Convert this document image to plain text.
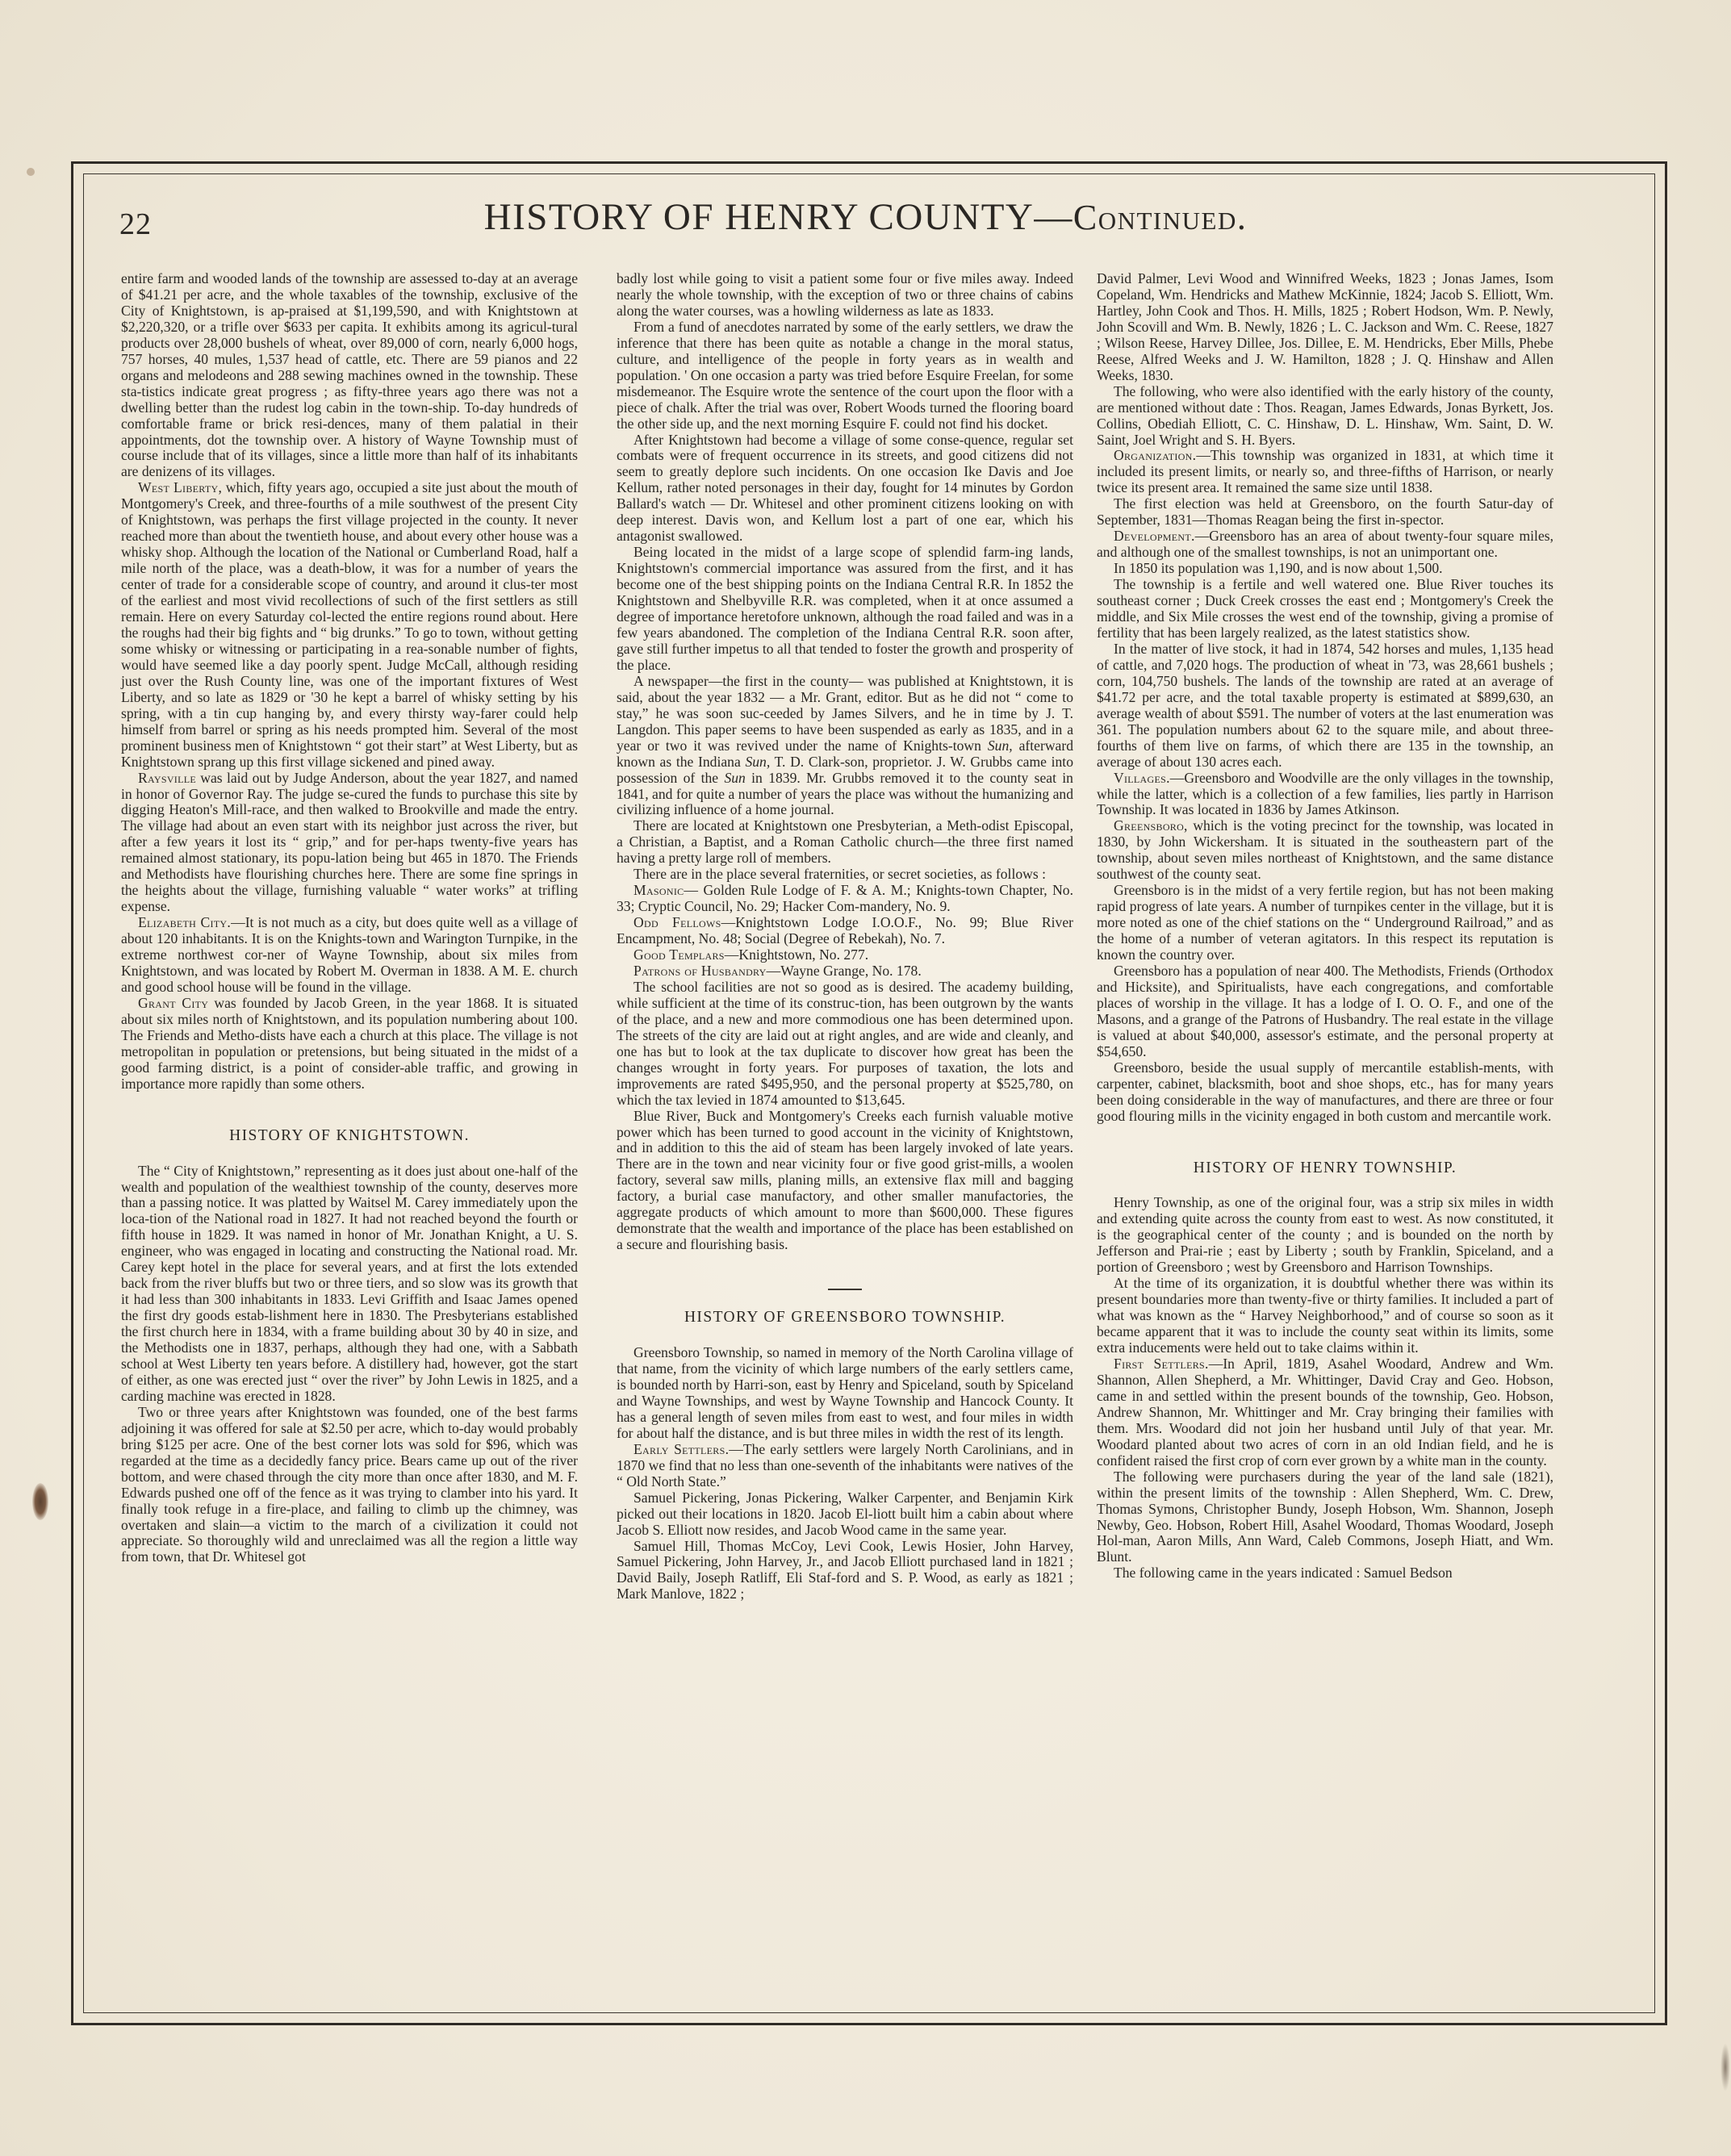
22	HISTORY OF HENRY COUNTY—Continued.

entire farm and wooded lands of the township are assessed to-day at an average of $41.21 per acre, and the whole taxables of the township, exclusive of the City of Knightstown, is ap-praised at $1,199,590, and with Knightstown at $2,220,320, or a trifle over $633 per capita. It exhibits among its agricul-tural products over 28,000 bushels of wheat, over 89,000 of corn, nearly 6,000 hogs, 757 horses, 40 mules, 1,537 head of cattle, etc. There are 59 pianos and 22 organs and melodeons and 288 sewing machines owned in the township. These sta-tistics indicate great progress ; as fifty-three years ago there was not a dwelling better than the rudest log cabin in the town-ship. To-day hundreds of comfortable frame or brick resi-dences, many of them palatial in their appointments, dot the township over. A history of Wayne Township must of course include that of its villages, since a little more than half of its inhabitants are denizens of its villages.

West Liberty, which, fifty years ago, occupied a site just about the mouth of Montgomery's Creek, and three-fourths of a mile southwest of the present City of Knightstown, was perhaps the first village projected in the county. It never reached more than about the twentieth house, and about every other house was a whisky shop. Although the location of the National or Cumberland Road, half a mile north of the place, was a death-blow, it was for a number of years the center of trade for a considerable scope of country, and around it clus-ter most of the earliest and most vivid recollections of such of the first settlers as still remain. Here on every Saturday col-lected the entire regions round about. Here the roughs had their big fights and “ big drunks.” To go to town, without getting some whisky or witnessing or participating in a rea-sonable number of fights, would have seemed like a day poorly spent. Judge McCall, although residing just over the Rush County line, was one of the important fixtures of West Liberty, and so late as 1829 or '30 he kept a barrel of whisky setting by his spring, with a tin cup hanging by, and every thirsty way-farer could help himself from barrel or spring as his needs prompted him. Several of the most prominent business men of Knightstown “ got their start” at West Liberty, but as Knightstown sprang up this first village sickened and pined away.

Raysville was laid out by Judge Anderson, about the year 1827, and named in honor of Governor Ray. The judge se-cured the funds to purchase this site by digging Heaton's Mill-race, and then walked to Brookville and made the entry. The village had about an even start with its neighbor just across the river, but after a few years it lost its “ grip,” and for per-haps twenty-five years has remained almost stationary, its popu-lation being but 465 in 1870. The Friends and Methodists have flourishing churches here. There are some fine springs in the heights about the village, furnishing valuable “ water works” at trifling expense.

Elizabeth City.—It is not much as a city, but does quite well as a village of about 120 inhabitants. It is on the Knights-town and Warington Turnpike, in the extreme northwest cor-ner of Wayne Township, about six miles from Knightstown, and was located by Robert M. Overman in 1838. A M. E. church and good school house will be found in the village.

Grant City was founded by Jacob Green, in the year 1868. It is situated about six miles north of Knightstown, and its population numbering about 100. The Friends and Metho-dists have each a church at this place. The village is not metropolitan in population or pretensions, but being situated in the midst of a good farming district, is a point of consider-able traffic, and growing in importance more rapidly than some others.

HISTORY OF KNIGHTSTOWN.

The “ City of Knightstown,” representing as it does just about one-half of the wealth and population of the wealthiest township of the county, deserves more than a passing notice. It was platted by Waitsel M. Carey immediately upon the loca-tion of the National road in 1827. It had not reached beyond the fourth or fifth house in 1829. It was named in honor of Mr. Jonathan Knight, a U. S. engineer, who was engaged in locating and constructing the National road. Mr. Carey kept hotel in the place for several years, and at first the lots extended back from the river bluffs but two or three tiers, and so slow was its growth that it had less than 300 inhabitants in 1833. Levi Griffith and Isaac James opened the first dry goods estab-lishment here in 1830. The Presbyterians established the first church here in 1834, with a frame building about 30 by 40 in size, and the Methodists one in 1837, perhaps, although they had one, with a Sabbath school at West Liberty ten years before. A distillery had, however, got the start of either, as one was erected just “ over the river” by John Lewis in 1825, and a carding machine was erected in 1828.

Two or three years after Knightstown was founded, one of the best farms adjoining it was offered for sale at $2.50 per acre, which to-day would probably bring $125 per acre. One of the best corner lots was sold for $96, which was regarded at the time as a decidedly fancy price. Bears came up out of the river bottom, and were chased through the city more than once after 1830, and M. F. Edwards pushed one off of the fence as it was trying to clamber into his yard. It finally took refuge in a fire-place, and failing to climb up the chimney, was overtaken and slain—a victim to the march of a civilization it could not appreciate. So thoroughly wild and unreclaimed was all the region a little way from town, that Dr. Whitesel got

badly lost while going to visit a patient some four or five miles away. Indeed nearly the whole township, with the exception of two or three chains of cabins along the water courses, was a howling wilderness as late as 1833.

From a fund of anecdotes narrated by some of the early settlers, we draw the inference that there has been quite as notable a change in the moral status, culture, and intelligence of the people in forty years as in wealth and population. ' On one occasion a party was tried before Esquire Freelan, for some misdemeanor. The Esquire wrote the sentence of the court upon the floor with a piece of chalk. After the trial was over, Robert Woods turned the flooring board the other side up, and the next morning Esquire F. could not find his docket.

After Knightstown had become a village of some conse-quence, regular set combats were of frequent occurrence in its streets, and good citizens did not seem to greatly deplore such incidents. On one occasion Ike Davis and Joe Kellum, rather noted personages in their day, fought for 14 minutes by Gordon Ballard's watch — Dr. Whitesel and other prominent citizens looking on with deep interest. Davis won, and Kellum lost a part of one ear, which his antagonist swallowed.

Being located in the midst of a large scope of splendid farm-ing lands, Knightstown's commercial importance was assured from the first, and it has become one of the best shipping points on the Indiana Central R.R. In 1852 the Knightstown and Shelbyville R.R. was completed, when it at once assumed a degree of importance heretofore unknown, although the road failed and was in a few years abandoned. The completion of the Indiana Central R.R. soon after, gave still further impetus to all that tended to foster the growth and prosperity of the place.

A newspaper—the first in the county— was published at Knightstown, it is said, about the year 1832 — a Mr. Grant, editor. But as he did not “ come to stay,” he was soon suc-ceeded by James Silvers, and he in time by J. T. Langdon. This paper seems to have been suspended as early as 1835, and in a year or two it was revived under the name of Knights-town Sun, afterward known as the Indiana Sun, T. D. Clark-son, proprietor. J. W. Grubbs came into possession of the Sun in 1839. Mr. Grubbs removed it to the county seat in 1841, and for quite a number of years the place was without the humanizing and civilizing influence of a home journal.

There are located at Knightstown one Presbyterian, a Meth-odist Episcopal, a Christian, a Baptist, and a Roman Catholic church—the three first named having a pretty large roll of members.

There are in the place several fraternities, or secret societies, as follows :

Masonic— Golden Rule Lodge of F. & A. M.; Knights-town Chapter, No. 33; Cryptic Council, No. 29; Hacker Com-mandery, No. 9.

Odd Fellows—Knightstown Lodge I.O.O.F., No. 99; Blue River Encampment, No. 48; Social (Degree of Rebekah), No. 7.

Good Templars—Knightstown, No. 277.

Patrons of Husbandry—Wayne Grange, No. 178.

The school facilities are not so good as is desired. The academy building, while sufficient at the time of its construc-tion, has been outgrown by the wants of the place, and a new and more commodious one has been determined upon. The streets of the city are laid out at right angles, and are wide and cleanly, and one has but to look at the tax duplicate to discover how great has been the changes wrought in forty years. For purposes of taxation, the lots and improvements are rated $495,950, and the personal property at $525,780, on which the tax levied in 1874 amounted to $13,645.

Blue River, Buck and Montgomery's Creeks each furnish valuable motive power which has been turned to good account in the vicinity of Knightstown, and in addition to this the aid of steam has been largely invoked of late years. There are in the town and near vicinity four or five good grist-mills, a woolen factory, several saw mills, planing mills, an extensive flax mill and bagging factory, a burial case manufactory, and other smaller manufactories, the aggregate products of which amount to more than $600,000. These figures demonstrate that the wealth and importance of the place has been established on a secure and flourishing basis.

HISTORY OF GREENSBORO TOWNSHIP.

Greensboro Township, so named in memory of the North Carolina village of that name, from the vicinity of which large numbers of the early settlers came, is bounded north by Harri-son, east by Henry and Spiceland, south by Spiceland and Wayne Townships, and west by Wayne Township and Hancock County. It has a general length of seven miles from east to west, and four miles in width for about half the distance, and is but three miles in width the rest of its length.

Early Settlers.—The early settlers were largely North Carolinians, and in 1870 we find that no less than one-seventh of the inhabitants were natives of the “ Old North State.”

Samuel Pickering, Jonas Pickering, Walker Carpenter, and Benjamin Kirk picked out their locations in 1820. Jacob El-liott built him a cabin about where Jacob S. Elliott now resides, and Jacob Wood came in the same year.

Samuel Hill, Thomas McCoy, Levi Cook, Lewis Hosier, John Harvey, Samuel Pickering, John Harvey, Jr., and Jacob Elliott purchased land in 1821 ; David Baily, Joseph Ratliff, Eli Staf-ford and S. P. Wood, as early as 1821 ; Mark Manlove, 1822 ;

David Palmer, Levi Wood and Winnifred Weeks, 1823 ; Jonas James, Isom Copeland, Wm. Hendricks and Mathew McKinnie, 1824; Jacob S. Elliott, Wm. Hartley, John Cook and Thos. H. Mills, 1825 ; Robert Hodson, Wm. P. Newly, John Scovill and Wm. B. Newly, 1826 ; L. C. Jackson and Wm. C. Reese, 1827 ; Wilson Reese, Harvey Dillee, Jos. Dillee, E. M. Hendricks, Eber Mills, Phebe Reese, Alfred Weeks and J. W. Hamilton, 1828 ; J. Q. Hinshaw and Allen Weeks, 1830.

The following, who were also identified with the early history of the county, are mentioned without date : Thos. Reagan, James Edwards, Jonas Byrkett, Jos. Collins, Obediah Elliott, C. C. Hinshaw, D. L. Hinshaw, Wm. Saint, D. W. Saint, Joel Wright and S. H. Byers.

Organization.—This township was organized in 1831, at which time it included its present limits, or nearly so, and three-fifths of Harrison, or nearly twice its present area. It remained the same size until 1838.

The first election was held at Greensboro, on the fourth Satur-day of September, 1831—Thomas Reagan being the first in-spector.

Development.—Greensboro has an area of about twenty-four square miles, and although one of the smallest townships, is not an unimportant one.

In 1850 its population was 1,190, and is now about 1,500.

The township is a fertile and well watered one. Blue River touches its southeast corner ; Duck Creek crosses the east end ; Montgomery's Creek the middle, and Six Mile crosses the west end of the township, giving a promise of fertility that has been largely realized, as the latest statistics show.

In the matter of live stock, it had in 1874, 542 horses and mules, 1,135 head of cattle, and 7,020 hogs. The production of wheat in '73, was 28,661 bushels ; corn, 104,750 bushels. The lands of the township are rated at an average of $41.72 per acre, and the total taxable property is estimated at $899,630, an average wealth of about $591. The number of voters at the last enumeration was 361. The population numbers about 62 to the square mile, and about three-fourths of them live on farms, of which there are 135 in the township, an average of about 130 acres each.

Villages.—Greensboro and Woodville are the only villages in the township, while the latter, which is a collection of a few families, lies partly in Harrison Township. It was located in 1836 by James Atkinson.

Greensboro, which is the voting precinct for the township, was located in 1830, by John Wickersham. It is situated in the southeastern part of the township, about seven miles northeast of Knightstown, and the same distance southwest of the county seat.

Greensboro is in the midst of a very fertile region, but has not been making rapid progress of late years. A number of turnpikes center in the village, but it is more noted as one of the chief stations on the “ Underground Railroad,” and as the home of a number of veteran agitators. In this respect its reputation is known the country over.

Greensboro has a population of near 400. The Methodists, Friends (Orthodox and Hicksite), and Spiritualists, have each congregations, and comfortable places of worship in the village. It has a lodge of I. O. O. F., and one of the Masons, and a grange of the Patrons of Husbandry. The real estate in the village is valued at about $40,000, assessor's estimate, and the personal property at $54,650.

Greensboro, beside the usual supply of mercantile establish-ments, with carpenter, cabinet, blacksmith, boot and shoe shops, etc., has for many years been doing considerable in the way of manufactures, and there are three or four good flouring mills in the vicinity engaged in both custom and mercantile work.

HISTORY OF HENRY TOWNSHIP.

Henry Township, as one of the original four, was a strip six miles in width and extending quite across the county from east to west. As now constituted, it is the geographical center of the county ; and is bounded on the north by Jefferson and Prai-rie ; east by Liberty ; south by Franklin, Spiceland, and a portion of Greensboro ; west by Greensboro and Harrison Townships.

At the time of its organization, it is doubtful whether there was within its present boundaries more than twenty-five or thirty families. It included a part of what was known as the “ Harvey Neighborhood,” and of course so soon as it became apparent that it was to include the county seat within its limits, some extra inducements were held out to take claims within it.

First Settlers.—In April, 1819, Asahel Woodard, Andrew and Wm. Shannon, Allen Shepherd, a Mr. Whittinger, David Cray and Geo. Hobson, came in and settled within the present bounds of the township, Geo. Hobson, Andrew Shannon, Mr. Whittinger and Mr. Cray bringing their families with them. Mrs. Woodard did not join her husband until July of that year. Mr. Woodard planted about two acres of corn in an old Indian field, and he is confident raised the first crop of corn ever grown by a white man in the county.

The following were purchasers during the year of the land sale (1821), within the present limits of the township : Allen Shepherd, Wm. C. Drew, Thomas Symons, Christopher Bundy, Joseph Hobson, Wm. Shannon, Joseph Newby, Geo. Hobson, Robert Hill, Asahel Woodard, Thomas Woodard, Joseph Hol-man, Aaron Mills, Ann Ward, Caleb Commons, Joseph Hiatt, and Wm. Blunt.

The following came in the years indicated : Samuel Bedson
